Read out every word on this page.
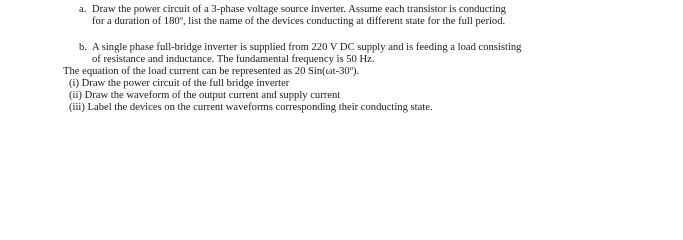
a. Draw the power circuit of a 3-phase voltage source inverter. Assume each transistor is conducting

for a duration of 180º, list the name of the devices conducting at different state for the full period.

b. A single phase full-bridge inverter is supplied from 220 V DC supply and is feeding a load consisting

of resistance and inductance. The fundamental frequency is 50 Hz.

The equation of the load current can be represented as 20 Sin(ωt-30º).

(i) Draw the power circuit of the full bridge inverter

(ii) Draw the waveform of the output current and supply current

(iii) Label the devices on the current waveforms corresponding their conducting state.
